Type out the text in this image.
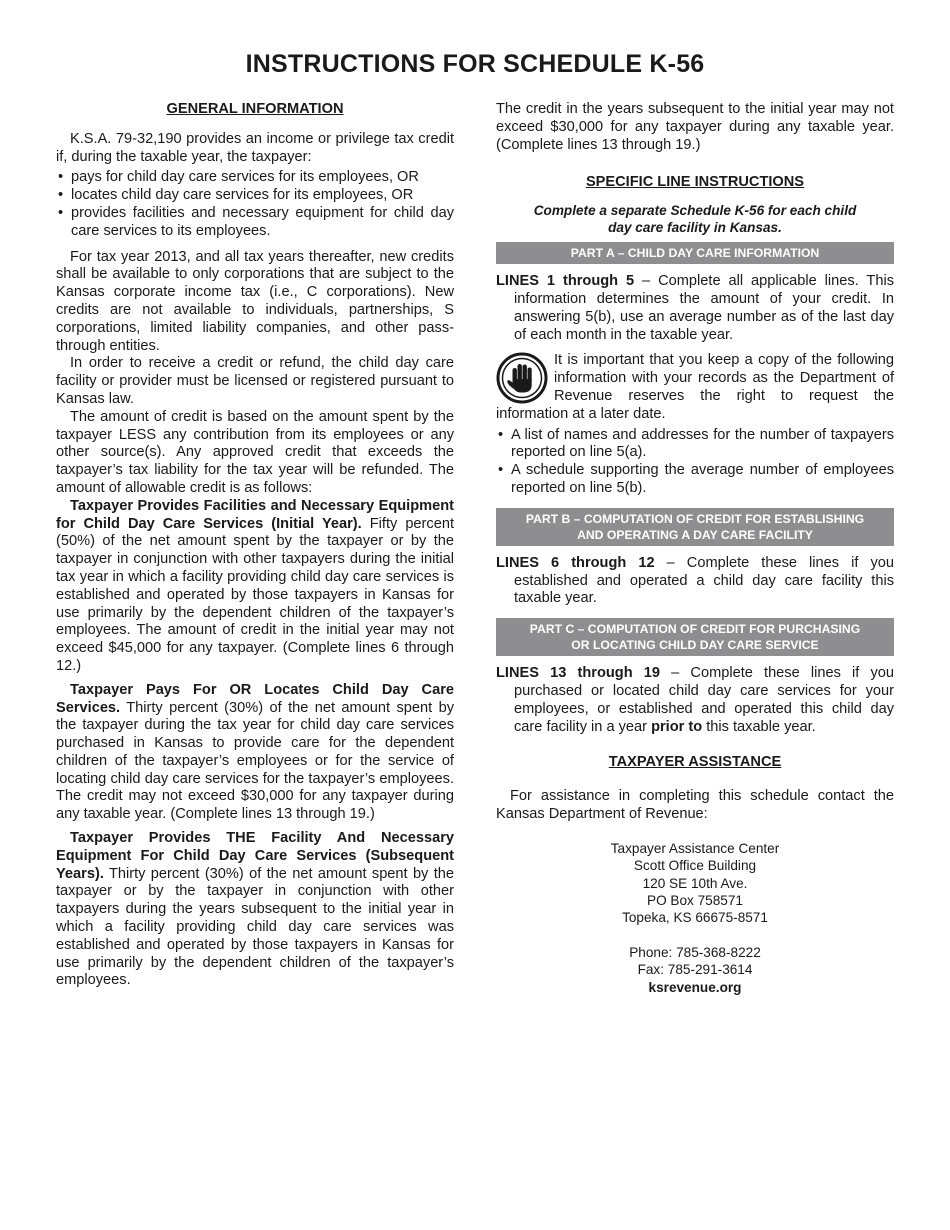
INSTRUCTIONS FOR SCHEDULE K-56
GENERAL INFORMATION

K.S.A. 79-32,190 provides an income or privilege tax credit if, during the taxable year, the taxpayer:

• pays for child day care services for its employees, OR
• locates child day care services for its employees, OR
• provides facilities and necessary equipment for child day care services to its employees.

For tax year 2013, and all tax years thereafter, new credits shall be available to only corporations that are subject to the Kansas corporate income tax (i.e., C corporations). New credits are not available to individuals, partnerships, S corporations, limited liability companies, and other pass-through entities.

In order to receive a credit or refund, the child day care facility or provider must be licensed or registered pursuant to Kansas law.

The amount of credit is based on the amount spent by the taxpayer LESS any contribution from its employees or any other source(s). Any approved credit that exceeds the taxpayer’s tax liability for the tax year will be refunded. The amount of allowable credit is as follows:

Taxpayer Provides Facilities and Necessary Equipment for Child Day Care Services (Initial Year). Fifty percent (50%) of the net amount spent by the taxpayer or by the taxpayer in conjunction with other taxpayers during the initial tax year in which a facility providing child day care services is established and operated by those taxpayers in Kansas for use primarily by the dependent children of the taxpayer’s employees. The amount of credit in the initial year may not exceed $45,000 for any taxpayer. (Complete lines 6 through 12.)

Taxpayer Pays For OR Locates Child Day Care Services. Thirty percent (30%) of the net amount spent by the taxpayer during the tax year for child day care services purchased in Kansas to provide care for the dependent children of the taxpayer’s employees or for the service of locating child day care services for the taxpayer’s employees. The credit may not exceed $30,000 for any taxpayer during any taxable year. (Complete lines 13 through 19.)

Taxpayer Provides THE Facility And Necessary Equipment For Child Day Care Services (Subsequent Years). Thirty percent (30%) of the net amount spent by the taxpayer or by the taxpayer in conjunction with other taxpayers during the years subsequent to the initial year in which a facility providing child day care services was established and operated by those taxpayers in Kansas for use primarily by the dependent children of the taxpayer’s employees.

The credit in the years subsequent to the initial year may not exceed $30,000 for any taxpayer during any taxable year. (Complete lines 13 through 19.)

SPECIFIC LINE INSTRUCTIONS
Complete a separate Schedule K-56 for each child day care facility in Kansas.
PART A – CHILD DAY CARE INFORMATION

LINES 1 through 5 – Complete all applicable lines. This information determines the amount of your credit. In answering 5(b), use an average number as of the last day of each month in the taxable year.

It is important that you keep a copy of the following information with your records as the Department of Revenue reserves the right to request the information at a later date.

• A list of names and addresses for the number of taxpayers reported on line 5(a).
• A schedule supporting the average number of employees reported on line 5(b).
PART B – COMPUTATION OF CREDIT FOR ESTABLISHING
AND OPERATING A DAY CARE FACILITY

LINES 6 through 12 – Complete these lines if you established and operated a child day care facility this taxable year.

PART C – COMPUTATION OF CREDIT FOR PURCHASING
OR LOCATING CHILD DAY CARE SERVICE

LINES 13 through 19 – Complete these lines if you purchased or located child day care services for your employees, or established and operated this child day care facility in a year prior to this taxable year.

TAXPAYER ASSISTANCE

For assistance in completing this schedule contact the Kansas Department of Revenue:

Taxpayer Assistance Center
Scott Office Building
120 SE 10th Ave.
PO Box 758571
Topeka, KS 66675-8571
Phone: 785-368-8222
Fax: 785-291-3614
ksrevenue.org
